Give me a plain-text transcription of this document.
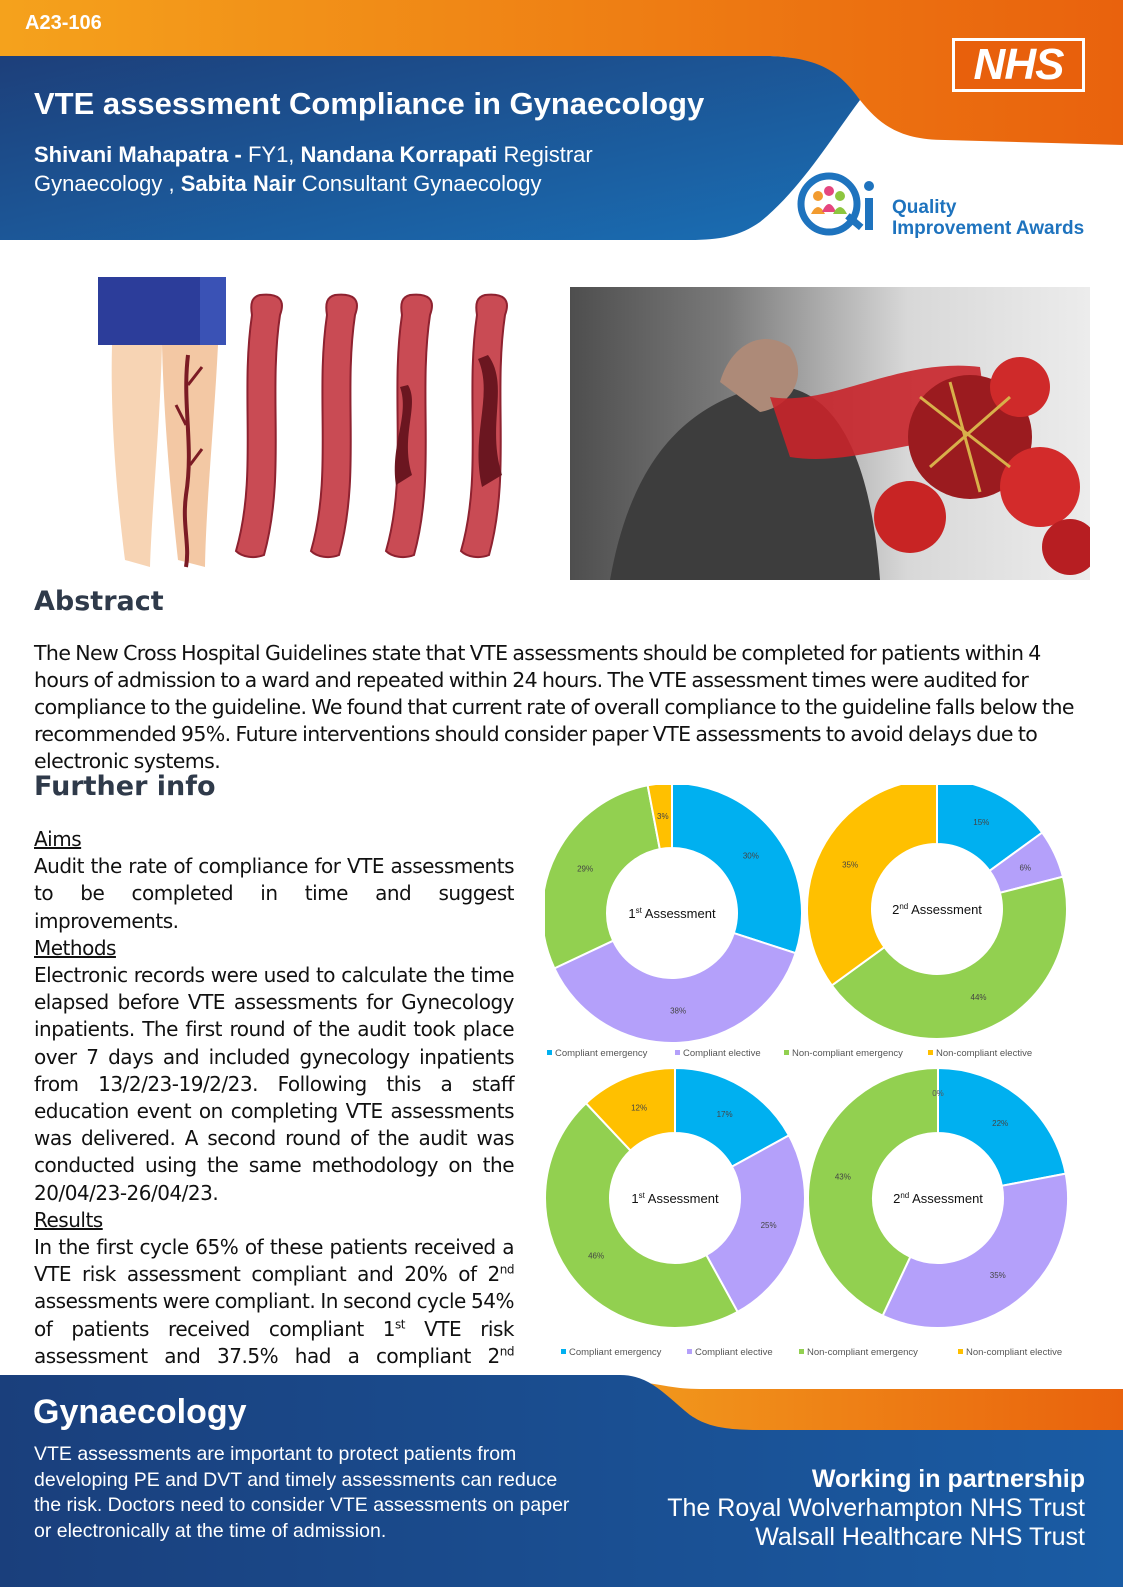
A23-106
VTE assessment Compliance in Gynaecology
Shivani Mahapatra - FY1, Nandana Korrapati Registrar Gynaecology , Sabita Nair Consultant Gynaecology
NHS
Quality
Improvement Awards
Abstract
The New Cross Hospital Guidelines state that VTE assessments should be completed for patients within 4 hours of admission to a ward and repeated within 24 hours. The VTE assessment times were audited for compliance to the guideline. We found that current rate of overall compliance to the guideline falls below the recommended 95%. Future interventions should consider paper VTE assessments to avoid delays due to electronic systems.
Further info
Aims

Audit the rate of compliance for VTE assessments to be completed in time and suggest improvements.

Methods

Electronic records were used to calculate the time elapsed before VTE assessments for Gynecology inpatients. The first round of the audit took place over 7 days and included gynecology inpatients from 13/2/23-19/2/23. Following this a staff education event on completing VTE assessments was delivered. A second round of the audit was conducted using the same methodology on the 20/04/23-26/04/23.

Results

In the first cycle 65% of these patients received a VTE risk assessment compliant and 20% of 2nd assessments were compliant. In second cycle 54% of patients received compliant 1st VTE risk assessment and 37.5% had a compliant 2nd

30%
38%
29%
3%
1st Assessment
15%
6%
44%
35%
2nd Assessment
17%
25%
46%
12%
1st Assessment
22%
35%
43%
0%
2nd Assessment
Compliant emergency	Compliant elective	Non-compliant emergency	Non-compliant elective
Compliant emergency	Compliant elective	Non-compliant emergency	Non-compliant elective
Gynaecology
VTE assessments are important to protect patients from developing PE and DVT and timely assessments can reduce the risk. Doctors need to consider VTE assessments on paper or electronically at the time of admission.
Working in partnership
The Royal Wolverhampton NHS Trust
Walsall Healthcare NHS Trust
